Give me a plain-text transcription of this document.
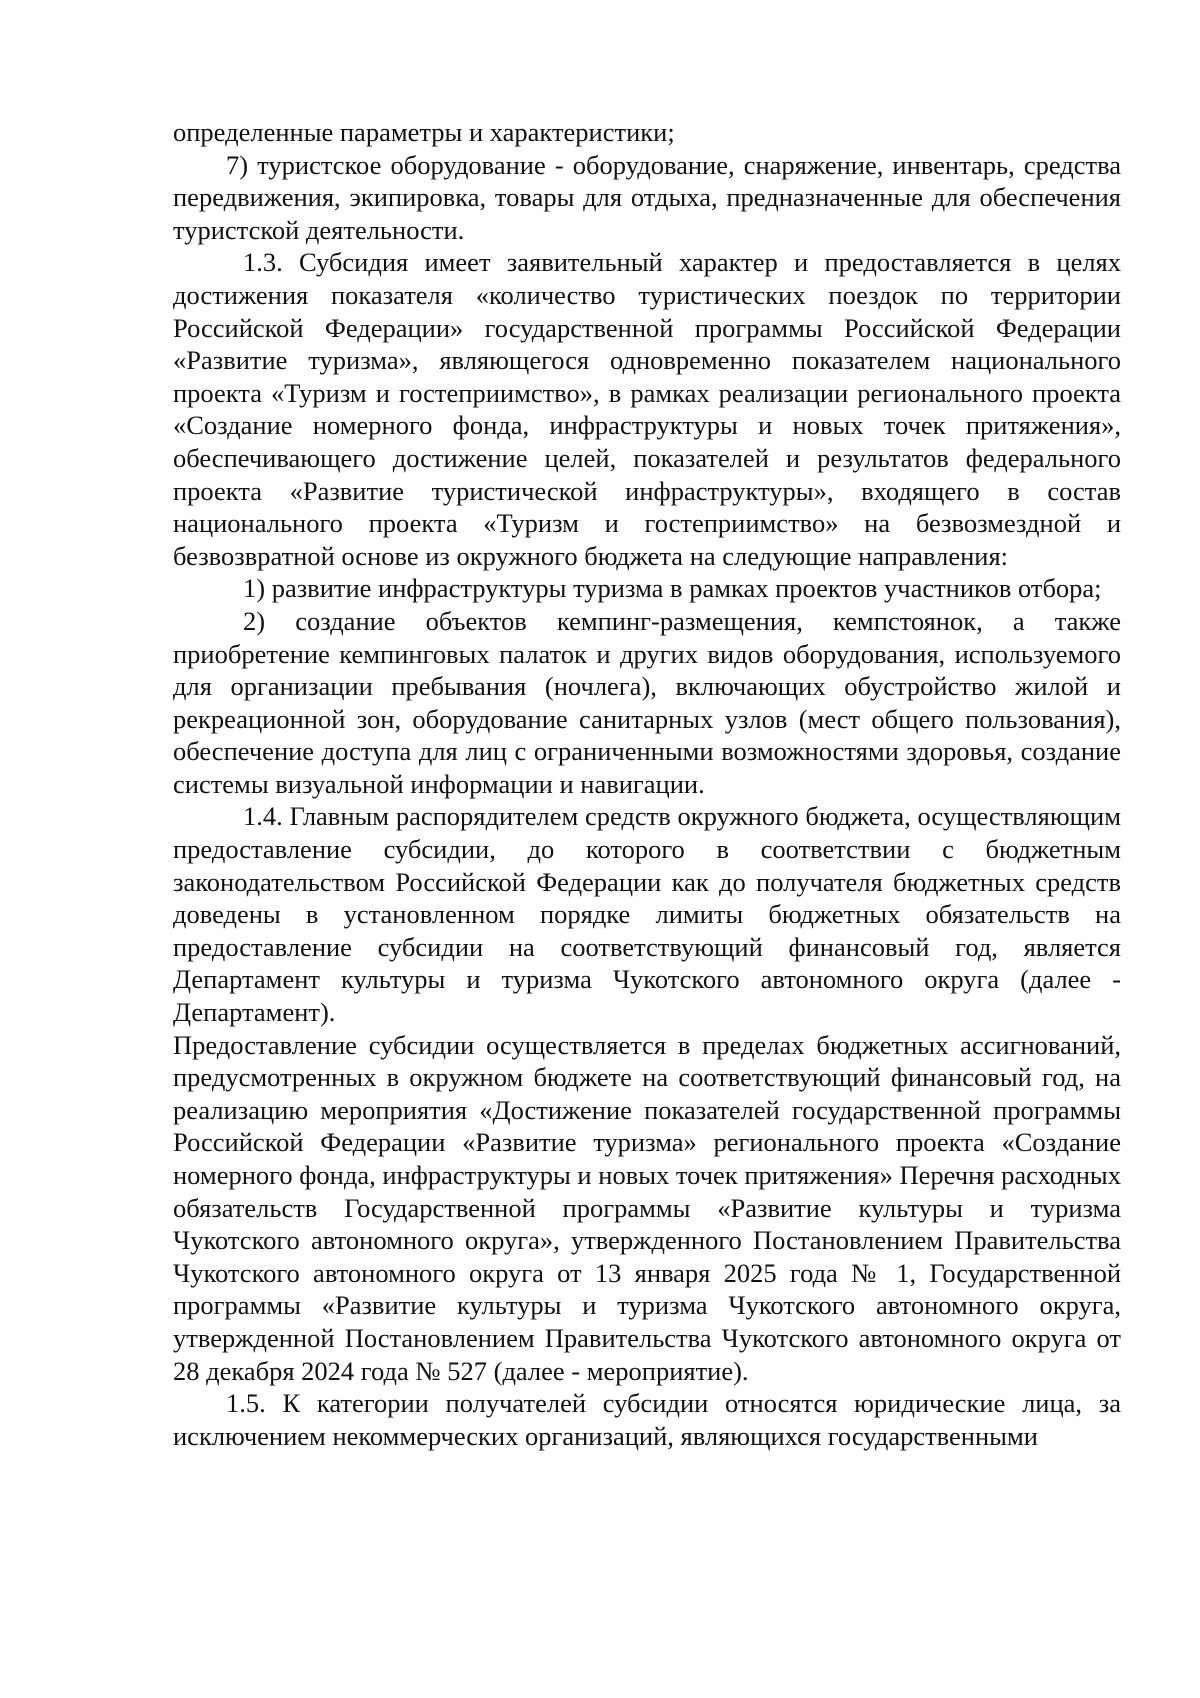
определенные параметры и характеристики;

7) туристское оборудование - оборудование, снаряжение, инвентарь, средства передвижения, экипировка, товары для отдыха, предназначенные для обеспечения туристской деятельности.

1.3. Субсидия имеет заявительный характер и предоставляется в целях достижения показателя «количество туристических поездок по территории Российской Федерации» государственной программы Российской Федерации «Развитие туризма», являющегося одновременно показателем национального проекта «Туризм и гостеприимство», в рамках реализации регионального проекта «Создание номерного фонда, инфраструктуры и новых точек притяжения», обеспечивающего достижение целей, показателей и результатов федерального проекта «Развитие туристической инфраструктуры», входящего в состав национального проекта «Туризм и гостеприимство» на безвозмездной и безвозвратной основе из окружного бюджета на следующие направления:

1) развитие инфраструктуры туризма в рамках проектов участников отбора;

2) создание объектов кемпинг-размещения, кемпстоянок, а также приобретение кемпинговых палаток и других видов оборудования, используемого для организации пребывания (ночлега), включающих обустройство жилой и рекреационной зон, оборудование санитарных узлов (мест общего пользования), обеспечение доступа для лиц с ограниченными возможностями здоровья, создание системы визуальной информации и навигации.

1.4. Главным распорядителем средств окружного бюджета, осуществляющим предоставление субсидии, до которого в соответствии с бюджетным законодательством Российской Федерации как до получателя бюджетных средств доведены в установленном порядке лимиты бюджетных обязательств на предоставление субсидии на соответствующий финансовый год, является Департамент культуры и туризма Чукотского автономного округа (далее - Департамент).

Предоставление субсидии осуществляется в пределах бюджетных ассигнований, предусмотренных в окружном бюджете на соответствующий финансовый год, на реализацию мероприятия «Достижение показателей государственной программы Российской Федерации «Развитие туризма» регионального проекта «Создание номерного фонда, инфраструктуры и новых точек притяжения» Перечня расходных обязательств Государственной программы «Развитие культуры и туризма Чукотского автономного округа», утвержденного Постановлением Правительства Чукотского автономного округа от 13 января 2025 года № 1, Государственной программы «Развитие культуры и туризма Чукотского автономного округа, утвержденной Постановлением Правительства Чукотского автономного округа от 28 декабря 2024 года № 527 (далее - мероприятие).

1.5. К категории получателей субсидии относятся юридические лица, за исключением некоммерческих организаций, являющихся государственными
